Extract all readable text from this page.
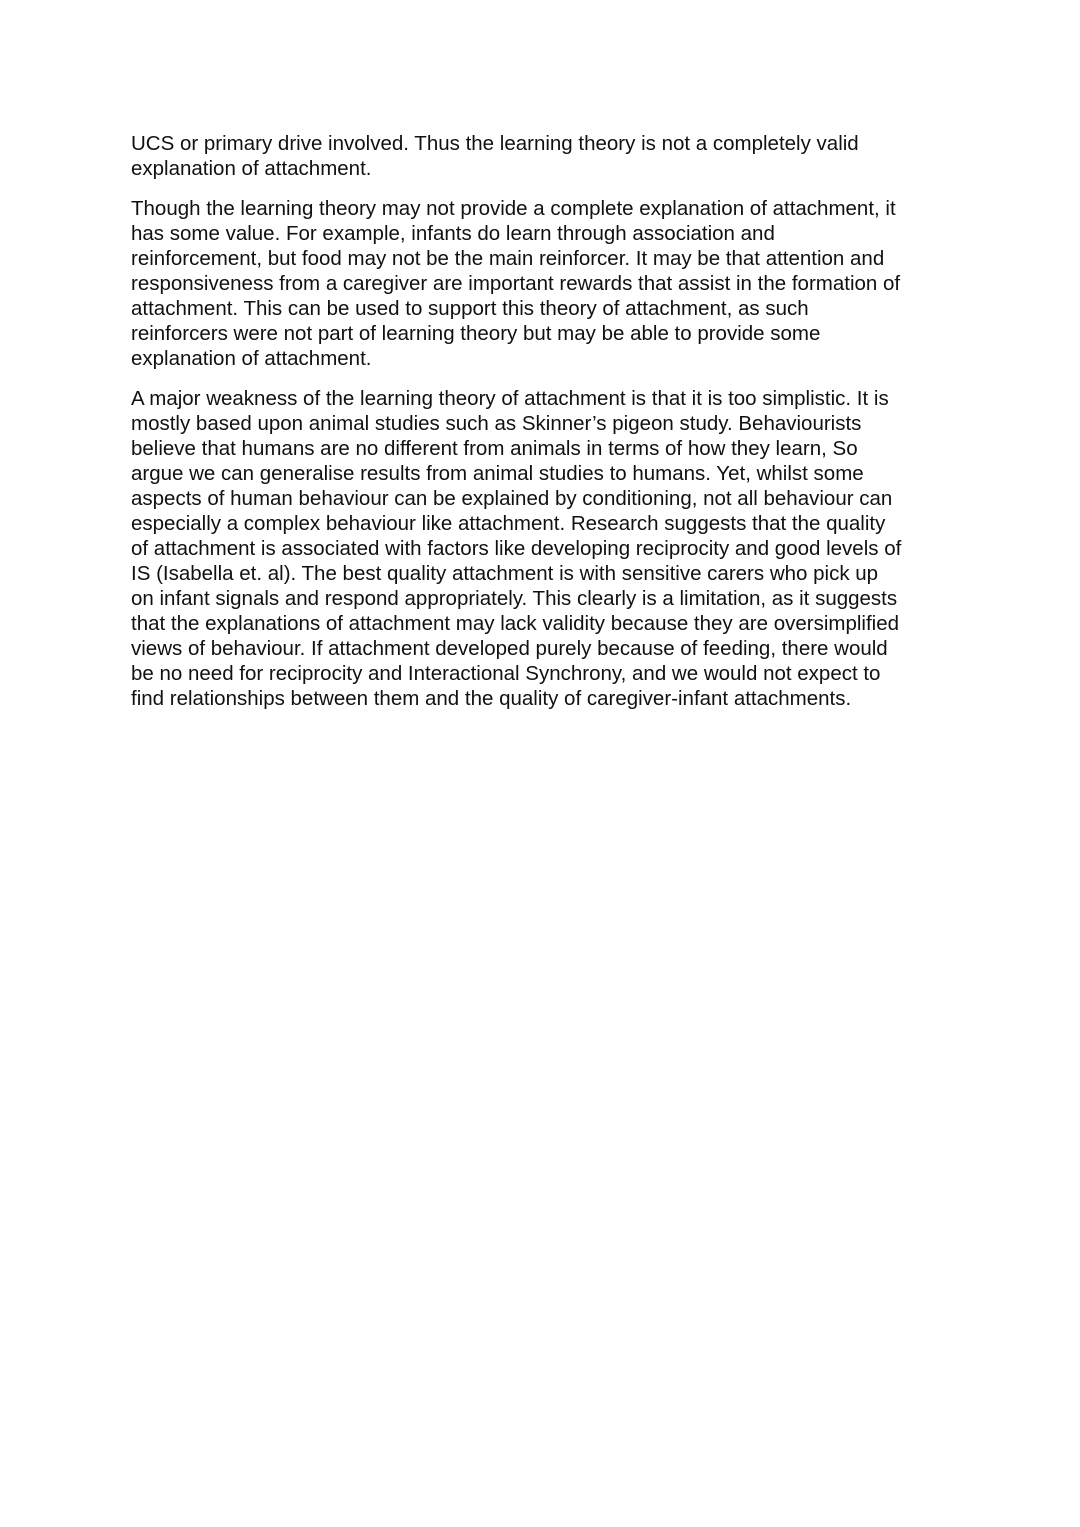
UCS or primary drive involved. Thus the learning theory is not a completely valid
explanation of attachment.

Though the learning theory may not provide a complete explanation of attachment, it
has some value. For example, infants do learn through association and
reinforcement, but food may not be the main reinforcer. It may be that attention and
responsiveness from a caregiver are important rewards that assist in the formation of
attachment. This can be used to support this theory of attachment, as such
reinforcers were not part of learning theory but may be able to provide some
explanation of attachment.

A major weakness of the learning theory of attachment is that it is too simplistic. It is
mostly based upon animal studies such as Skinner’s pigeon study. Behaviourists
believe that humans are no different from animals in terms of how they learn, So
argue we can generalise results from animal studies to humans. Yet, whilst some
aspects of human behaviour can be explained by conditioning, not all behaviour can
especially a complex behaviour like attachment. Research suggests that the quality
of attachment is associated with factors like developing reciprocity and good levels of
IS (Isabella et. al). The best quality attachment is with sensitive carers who pick up
on infant signals and respond appropriately. This clearly is a limitation, as it suggests
that the explanations of attachment may lack validity because they are oversimplified
views of behaviour. If attachment developed purely because of feeding, there would
be no need for reciprocity and Interactional Synchrony, and we would not expect to
find relationships between them and the quality of caregiver-infant attachments.
